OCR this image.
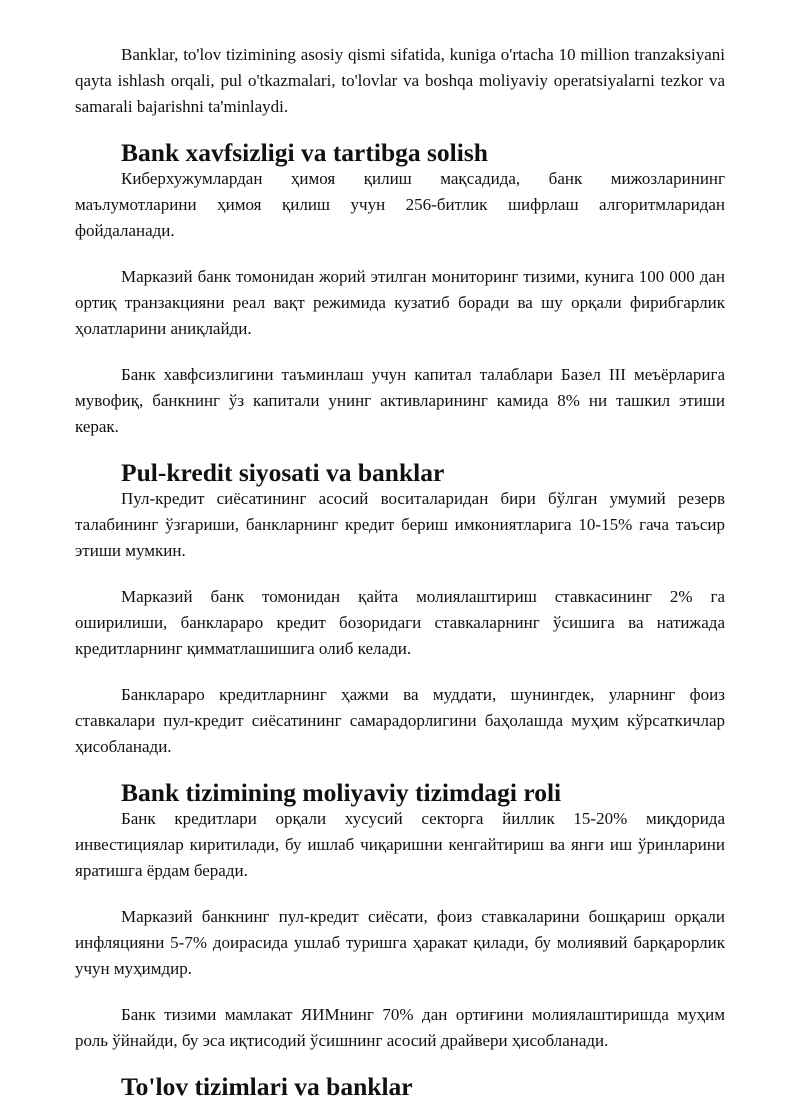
Banklar, to'lov tizimining asosiy qismi sifatida, kuniga o'rtacha 10 million tranzaksiyani qayta ishlash orqali, pul o'tkazmalari, to'lovlar va boshqa moliyaviy operatsiyalarni tezkor va samarali bajarishni ta'minlaydi.

Bank xavfsizligi va tartibga solish

Киберхужумлардан ҳимоя қилиш мақсадида, банк мижозларининг маълумотларини ҳимоя қилиш учун 256-битлик шифрлаш алгоритмларидан фойдаланади.

Марказий банк томонидан жорий этилган мониторинг тизими, кунига 100 000 дан ортиқ транзакцияни реал вақт режимида кузатиб боради ва шу орқали фирибгарлик ҳолатларини аниқлайди.

Банк хавфсизлигини таъминлаш учун капитал талаблари Базел III меъёрларига мувофиқ, банкнинг ўз капитали унинг активларининг камида 8% ни ташкил этиши керак.

Pul-kredit siyosati va banklar

Пул-кредит сиёсатининг асосий воситаларидан бири бўлган умумий резерв талабининг ўзгариши, банкларнинг кредит бериш имкониятларига 10-15% гача таъсир этиши мумкин.

Марказий банк томонидан қайта молиялаштириш ставкасининг 2% га оширилиши, банклараро кредит бозоридаги ставкаларнинг ўсишига ва натижада кредитларнинг қимматлашишига олиб келади.

Банклараро кредитларнинг ҳажми ва муддати, шунингдек, уларнинг фоиз ставкалари пул-кредит сиёсатининг самарадорлигини баҳолашда муҳим кўрсаткичлар ҳисобланади.

Bank tizimining moliyaviy tizimdagi roli

Банк кредитлари орқали хусусий секторга йиллик 15-20% миқдорида инвестициялар киритилади, бу ишлаб чиқаришни кенгайтириш ва янги иш ўринларини яратишга ёрдам беради.

Марказий банкнинг пул-кредит сиёсати, фоиз ставкаларини бошқариш орқали инфляцияни 5-7% доирасида ушлаб туришга ҳаракат қилади, бу молиявий барқарорлик учун муҳимдир.

Банк тизими мамлакат ЯИМнинг 70% дан ортиғини молиялаштиришда муҳим роль ўйнайди, бу эса иқтисодий ўсишнинг асосий драйвери ҳисобланади.

To'lov tizimlari va banklar
